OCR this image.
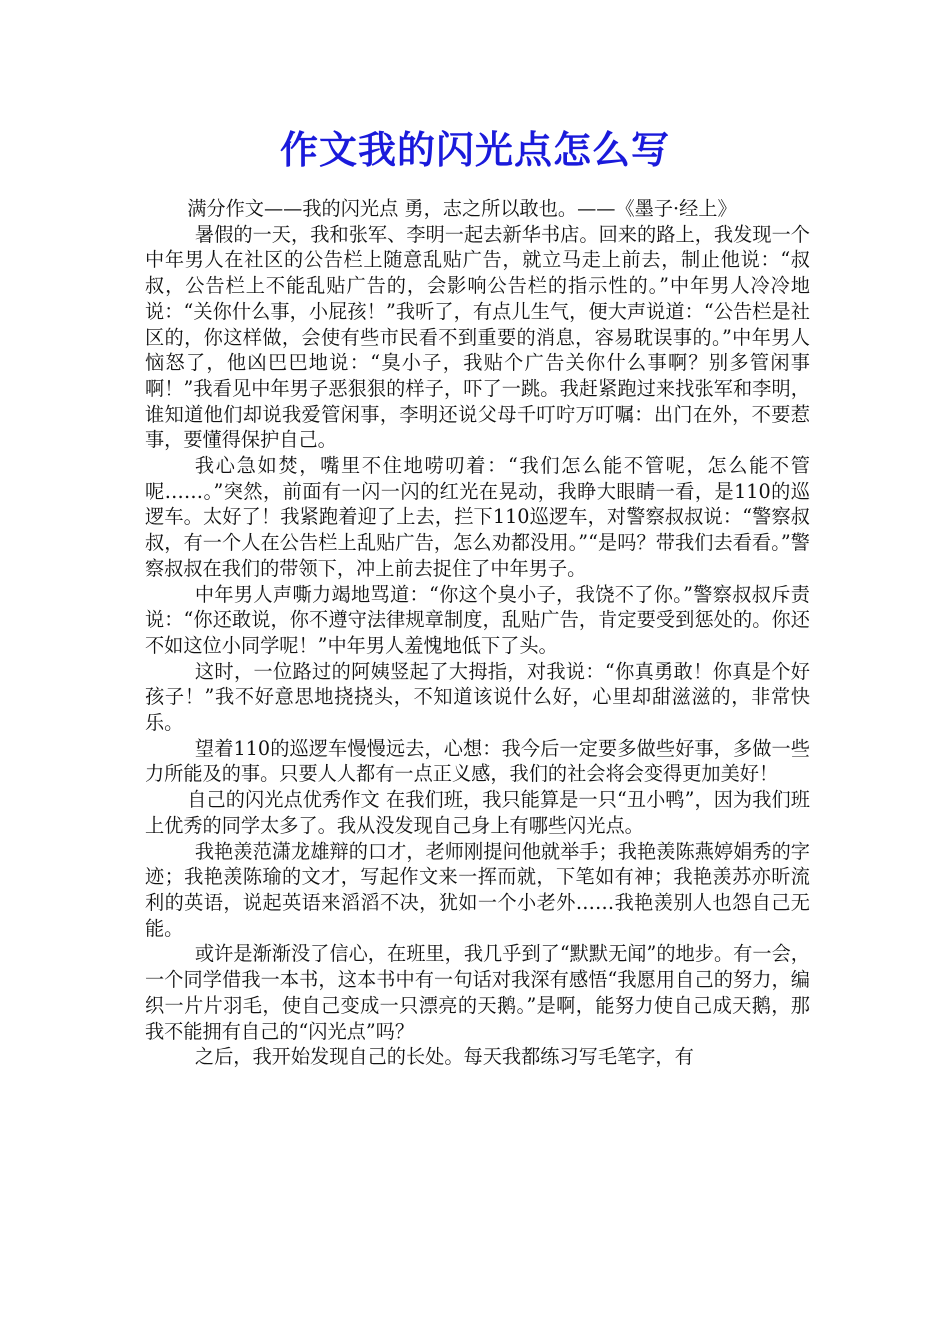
作文我的闪光点怎么写

满分作文——我的闪光点 勇，志之所以敢也。——《墨子·经上》

暑假的一天，我和张军、李明一起去新华书店。回来的路上，我发现一个中年男人在社区的公告栏上随意乱贴广告，就立马走上前去，制止他说：“叔叔，公告栏上不能乱贴广告的，会影响公告栏的指示性的。”中年男人冷冷地说：“关你什么事，小屁孩！”我听了，有点儿生气，便大声说道：“公告栏是社区的，你这样做，会使有些市民看不到重要的消息，容易耽误事的。”中年男人恼怒了，他凶巴巴地说：“臭小子，我贴个广告关你什么事啊？别多管闲事啊！”我看见中年男子恶狠狠的样子，吓了一跳。我赶紧跑过来找张军和李明，谁知道他们却说我爱管闲事，李明还说父母千叮咛万叮嘱：出门在外，不要惹事，要懂得保护自己。

我心急如焚，嘴里不住地唠叨着：“我们怎么能不管呢，怎么能不管呢……。”突然，前面有一闪一闪的红光在晃动，我睁大眼睛一看，是110的巡逻车。太好了！我紧跑着迎了上去，拦下110巡逻车，对警察叔叔说：“警察叔叔，有一个人在公告栏上乱贴广告，怎么劝都没用。”“是吗？带我们去看看。”警察叔叔在我们的带领下，冲上前去捉住了中年男子。

中年男人声嘶力竭地骂道：“你这个臭小子，我饶不了你。”警察叔叔斥责说：“你还敢说，你不遵守法律规章制度，乱贴广告，肯定要受到惩处的。你还不如这位小同学呢！”中年男人羞愧地低下了头。

这时，一位路过的阿姨竖起了大拇指，对我说：“你真勇敢！你真是个好孩子！”我不好意思地挠挠头，不知道该说什么好，心里却甜滋滋的，非常快乐。

望着110的巡逻车慢慢远去，心想：我今后一定要多做些好事，多做一些力所能及的事。只要人人都有一点正义感，我们的社会将会变得更加美好！

自己的闪光点优秀作文 在我们班，我只能算是一只“丑小鸭”，因为我们班上优秀的同学太多了。我从没发现自己身上有哪些闪光点。

我艳羡范潇龙雄辩的口才，老师刚提问他就举手；我艳羡陈燕婷娟秀的字迹；我艳羡陈瑜的文才，写起作文来一挥而就，下笔如有神；我艳羡苏亦昕流利的英语，说起英语来滔滔不决，犹如一个小老外……我艳羡别人也怨自己无能。

或许是渐渐没了信心，在班里，我几乎到了“默默无闻”的地步。有一会，一个同学借我一本书，这本书中有一句话对我深有感悟“我愿用自己的努力，编织一片片羽毛，使自己变成一只漂亮的天鹅。”是啊，能努力使自己成天鹅，那我不能拥有自己的“闪光点”吗？

之后，我开始发现自己的长处。每天我都练习写毛笔字，有
